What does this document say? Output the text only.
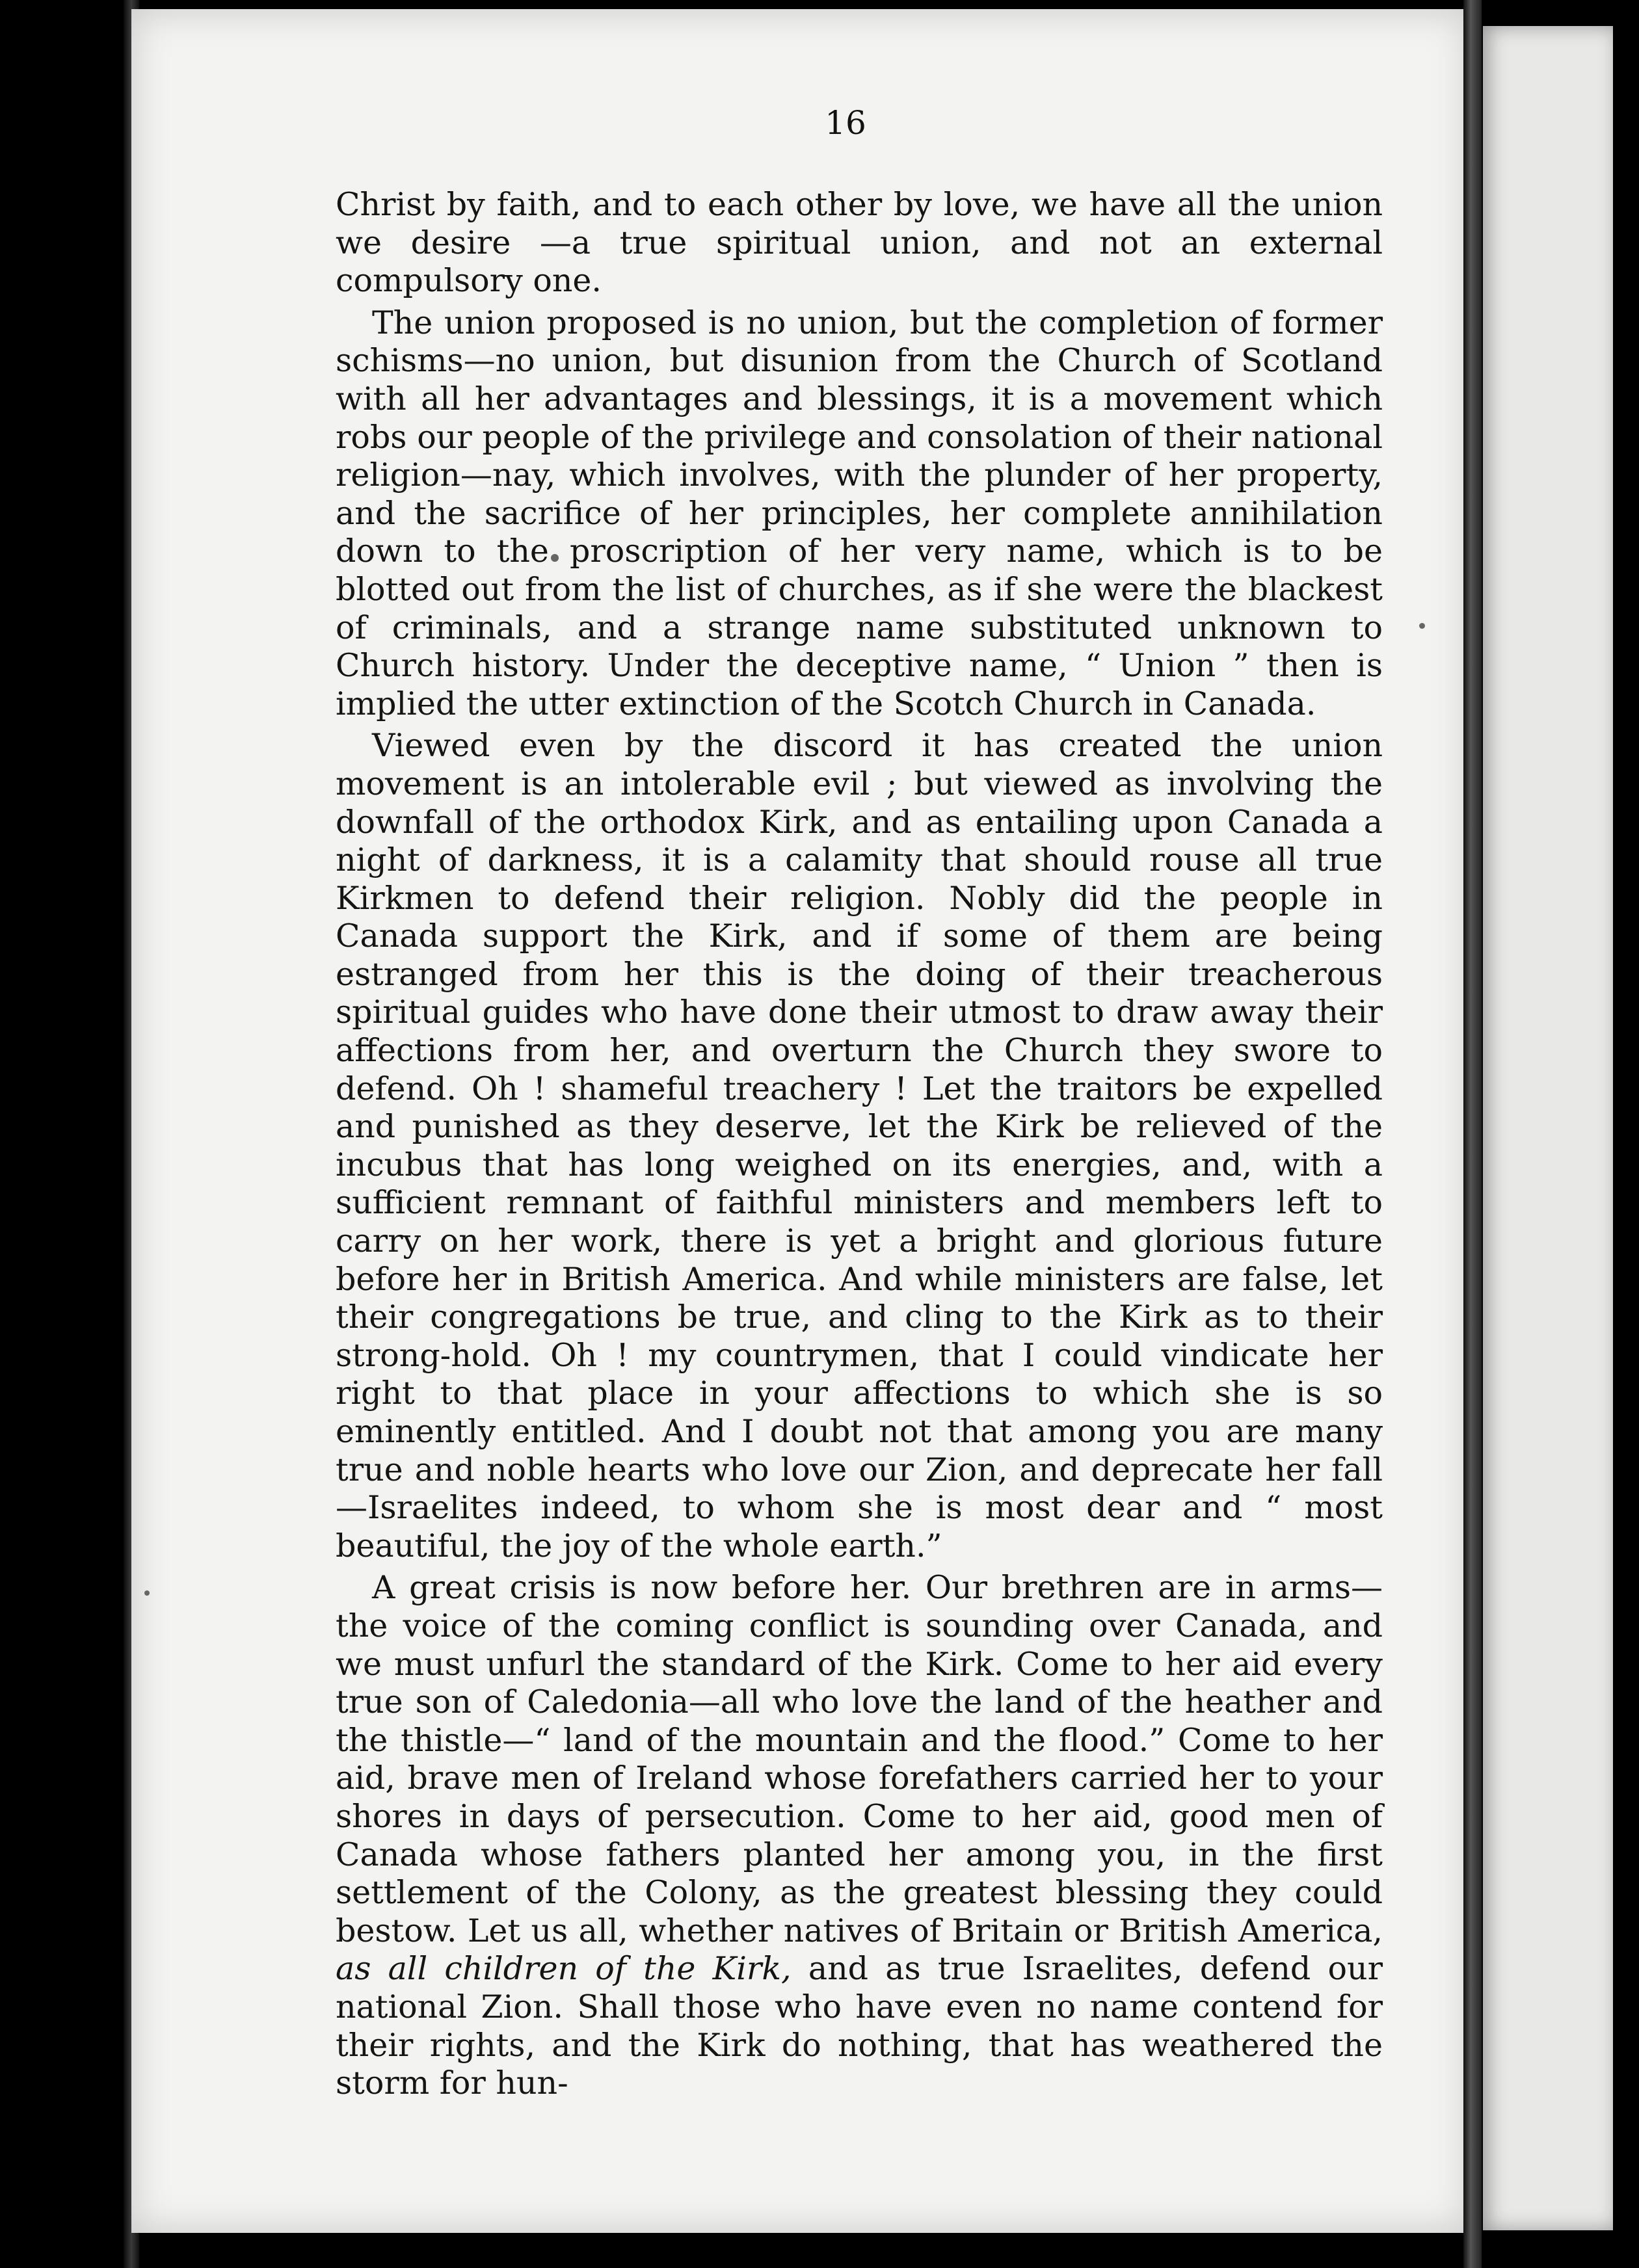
16

Christ by faith, and to each other by love, we have all the union we desire —a true spiritual union, and not an external compulsory one.

The union proposed is no union, but the completion of former schisms—no union, but disunion from the Church of Scotland with all her advantages and blessings, it is a movement which robs our people of the privilege and consolation of their national religion—nay, which involves, with the plunder of her property, and the sacrifice of her principles, her complete annihilation down to the proscription of her very name, which is to be blotted out from the list of churches, as if she were the blackest of criminals, and a strange name substituted unknown to Church history. Under the deceptive name, “ Union ” then is implied the utter extinction of the Scotch Church in Canada.

Viewed even by the discord it has created the union movement is an intolerable evil ; but viewed as involving the downfall of the orthodox Kirk, and as entailing upon Canada a night of darkness, it is a calamity that should rouse all true Kirkmen to defend their religion. Nobly did the people in Canada support the Kirk, and if some of them are being estranged from her this is the doing of their treacherous spiritual guides who have done their utmost to draw away their affections from her, and overturn the Church they swore to defend. Oh ! shameful treachery ! Let the traitors be expelled and punished as they deserve, let the Kirk be relieved of the incubus that has long weighed on its energies, and, with a sufficient remnant of faithful ministers and members left to carry on her work, there is yet a bright and glorious future before her in British America. And while ministers are false, let their congregations be true, and cling to the Kirk as to their strong-hold. Oh ! my countrymen, that I could vindicate her right to that place in your affections to which she is so eminently entitled. And I doubt not that among you are many true and noble hearts who love our Zion, and deprecate her fall—Israelites indeed, to whom she is most dear and “ most beautiful, the joy of the whole earth.”

A great crisis is now before her. Our brethren are in arms—the voice of the coming conflict is sounding over Canada, and we must unfurl the standard of the Kirk. Come to her aid every true son of Caledonia—all who love the land of the heather and the thistle—“ land of the mountain and the flood.” Come to her aid, brave men of Ireland whose forefathers carried her to your shores in days of persecution. Come to her aid, good men of Canada whose fathers planted her among you, in the first settlement of the Colony, as the greatest blessing they could bestow. Let us all, whether natives of Britain or British America, as all children of the Kirk, and as true Israelites, defend our national Zion. Shall those who have even no name contend for their rights, and the Kirk do nothing, that has weathered the storm for hun-
